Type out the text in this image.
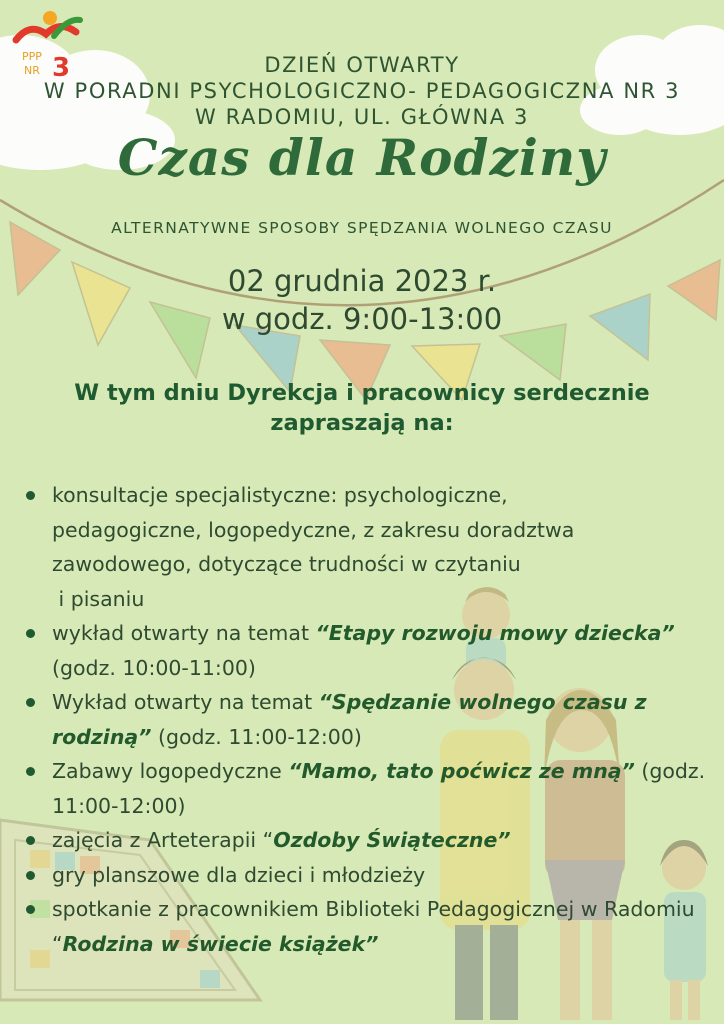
PPP
NR 3	DZIEŃ OTWARTY
W PORADNI PSYCHOLOGICZNO- PEDAGOGICZNA NR 3
W RADOMIU, UL. GŁÓWNA 3
Czas dla Rodziny
ALTERNATYWNE SPOSOBY SPĘDZANIA WOLNEGO CZASU
02 grudnia 2023 r.
w godz. 9:00-13:00
W tym dniu Dyrekcja i pracownicy serdecznie
zapraszają na:
konsultacje specjalistyczne: psychologiczne,
pedagogiczne, logopedyczne, z zakresu doradztwa
zawodowego, dotyczące trudności w czytaniu
i pisaniu
wykład otwarty na temat “Etapy rozwoju mowy dziecka” (godz. 10:00-11:00)
Wykład otwarty na temat “Spędzanie wolnego czasu z rodziną” (godz. 11:00-12:00)
Zabawy logopedyczne “Mamo, tato poćwicz ze mną” (godz. 11:00-12:00)
zajęcia z Arteterapii “Ozdoby Świąteczne”
gry planszowe dla dzieci i młodzieży
spotkanie z pracownikiem Biblioteki Pedagogicznej w Radomiu “Rodzina w świecie książek”
